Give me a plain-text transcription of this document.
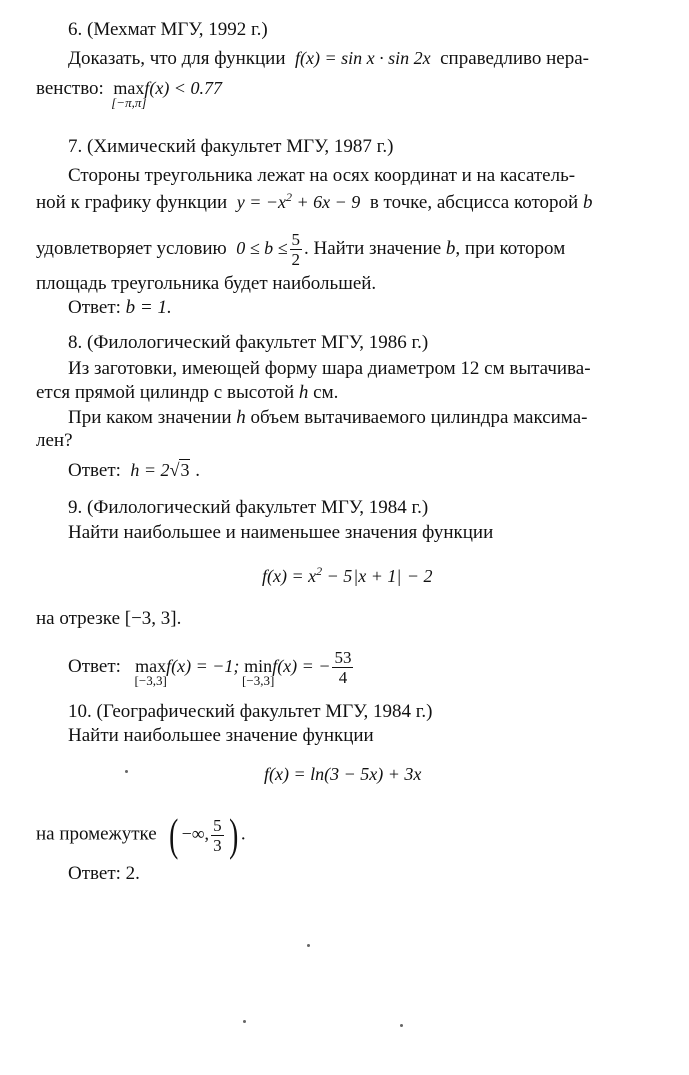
6. (Мехмат МГУ, 1992 г.)
Доказать, что для функции f(x) = sin x · sin 2x справедливо нера-
венство: max
[−π,π]
f(x) < 0.77
7. (Химический факультет МГУ, 1987 г.)
Стороны треугольника лежат на осях координат и на касатель-
ной к графику функции $y = -x^2 + 6x - 9$ в точке, абсцисса которой b
удовлетворяет условию $0 \le b \le \frac{5}{2}$ . Найти значение b, при котором
площадь треугольника будет наибольшей.
Ответ: b = 1.
8. (Филологический факультет МГУ, 1986 г.)
Из заготовки, имеющей форму шара диаметром 12 см вытачива-
ется прямой цилиндр с высотой h см.
При каком значении h объем вытачиваемого цилиндра максима-
лен?
Ответ: h = 2√3 .
9. (Филологический факультет МГУ, 1984 г.)
Найти наибольшее и наименьшее значения функции
$f(x) = x^2 - 5|x + 1| - 2$
на отрезке [−3, 3].
Ответ: max
[−3,3]
f(x) = −1; min
[−3,3]
f(x) = − $\frac{53}{4}$
10. (Географический факультет МГУ, 1984 г.)
Найти наибольшее значение функции
f(x) = ln(3 − 5x) + 3x
на промежутке ( −∞, $\frac{5}{3}$ ) .
Ответ: 2.
